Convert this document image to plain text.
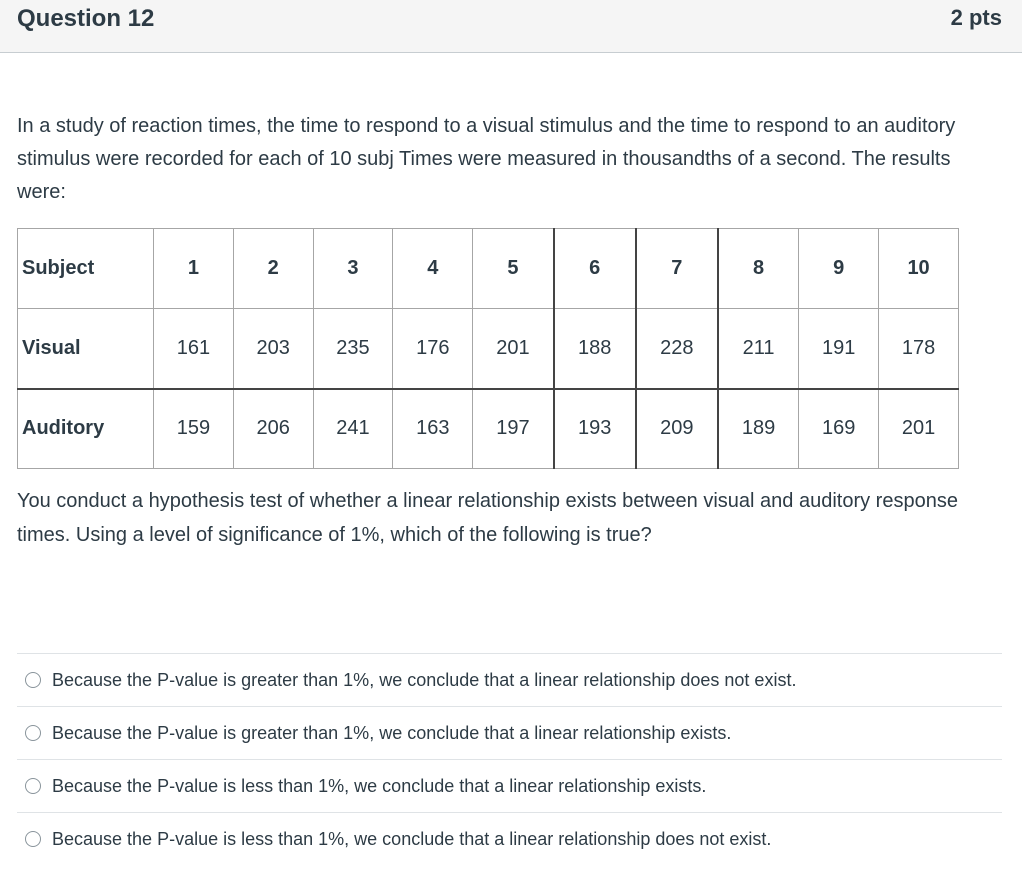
Question 12	2 pts
In a study of reaction times, the time to respond to a visual stimulus and the time to respond to an auditory stimulus were recorded for each of 10 subj Times were measured in thousandths of a second. The results were:
Subject	1	2	3	4	5	6	7	8	9	10
Visual	161	203	235	176	201	188	228	211	191	178
Auditory	159	206	241	163	197	193	209	189	169	201
You conduct a hypothesis test of whether a linear relationship exists between visual and auditory response times. Using a level of significance of 1%, which of the following is true?
Because the P-value is greater than 1%, we conclude that a linear relationship does not exist.
Because the P-value is greater than 1%, we conclude that a linear relationship exists.
Because the P-value is less than 1%, we conclude that a linear relationship exists.
Because the P-value is less than 1%, we conclude that a linear relationship does not exist.
